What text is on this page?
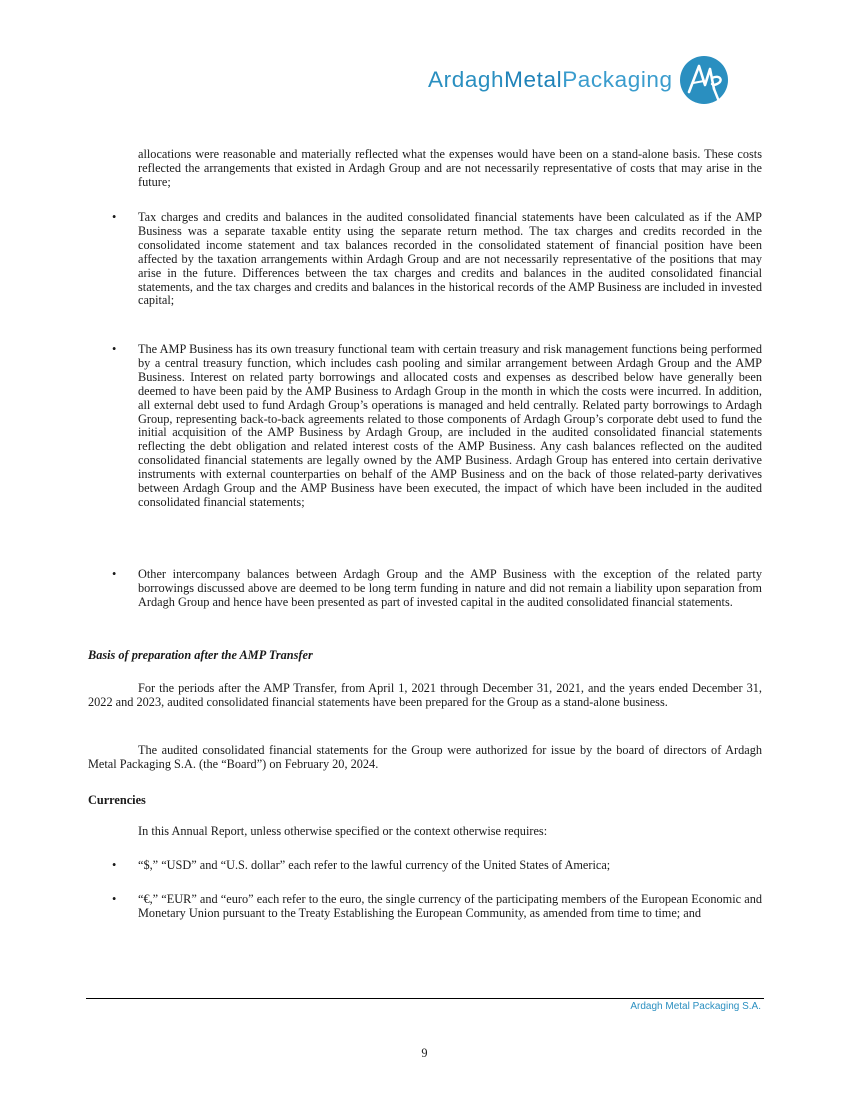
ArdaghMetalPackaging

allocations were reasonable and materially reflected what the expenses would have been on a stand-alone basis. These costs reflected the arrangements that existed in Ardagh Group and are not necessarily representative of costs that may arise in the future;

• Tax charges and credits and balances in the audited consolidated financial statements have been calculated as if the AMP Business was a separate taxable entity using the separate return method. The tax charges and credits recorded in the consolidated income statement and tax balances recorded in the consolidated statement of financial position have been affected by the taxation arrangements within Ardagh Group and are not necessarily representative of the positions that may arise in the future. Differences between the tax charges and credits and balances in the audited consolidated financial statements, and the tax charges and credits and balances in the historical records of the AMP Business are included in invested capital;

• The AMP Business has its own treasury functional team with certain treasury and risk management functions being performed by a central treasury function, which includes cash pooling and similar arrangement between Ardagh Group and the AMP Business. Interest on related party borrowings and allocated costs and expenses as described below have generally been deemed to have been paid by the AMP Business to Ardagh Group in the month in which the costs were incurred. In addition, all external debt used to fund Ardagh Group’s operations is managed and held centrally. Related party borrowings to Ardagh Group, representing back-to-back agreements related to those components of Ardagh Group’s corporate debt used to fund the initial acquisition of the AMP Business by Ardagh Group, are included in the audited consolidated financial statements reflecting the debt obligation and related interest costs of the AMP Business. Any cash balances reflected on the audited consolidated financial statements are legally owned by the AMP Business. Ardagh Group has entered into certain derivative instruments with external counterparties on behalf of the AMP Business and on the back of those related-party derivatives between Ardagh Group and the AMP Business have been executed, the impact of which have been included in the audited consolidated financial statements;

• Other intercompany balances between Ardagh Group and the AMP Business with the exception of the related party borrowings discussed above are deemed to be long term funding in nature and did not remain a liability upon separation from Ardagh Group and hence have been presented as part of invested capital in the audited consolidated financial statements.

Basis of preparation after the AMP Transfer

For the periods after the AMP Transfer, from April 1, 2021 through December 31, 2021, and the years ended December 31, 2022 and 2023, audited consolidated financial statements have been prepared for the Group as a stand-alone business.

The audited consolidated financial statements for the Group were authorized for issue by the board of directors of Ardagh Metal Packaging S.A. (the “Board”) on February 20, 2024.

Currencies

In this Annual Report, unless otherwise specified or the context otherwise requires:

• “$,” “USD” and “U.S. dollar” each refer to the lawful currency of the United States of America;

• “€,” “EUR” and “euro” each refer to the euro, the single currency of the participating members of the European Economic and Monetary Union pursuant to the Treaty Establishing the European Community, as amended from time to time; and

Ardagh Metal Packaging S.A.
9
